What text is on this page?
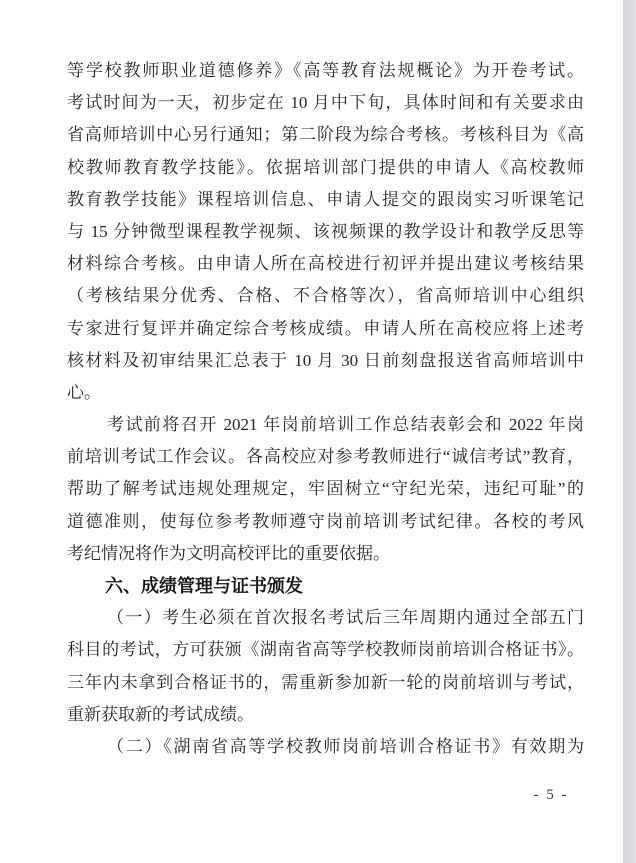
等学校教师职业道德修养》《高等教育法规概论》为开卷考试。
考试时间为一天，初步定在 10 月中下旬，具体时间和有关要求由
省高师培训中心另行通知；第二阶段为综合考核。考核科目为《高
校教师教育教学技能》。依据培训部门提供的申请人《高校教师
教育教学技能》课程培训信息、申请人提交的跟岗实习听课笔记
与 15 分钟微型课程教学视频、该视频课的教学设计和教学反思等
材料综合考核。由申请人所在高校进行初评并提出建议考核结果
（考核结果分优秀、合格、不合格等次），省高师培训中心组织
专家进行复评并确定综合考核成绩。申请人所在高校应将上述考
核材料及初审结果汇总表于 10 月 30 日前刻盘报送省高师培训中
心。
考试前将召开 2021 年岗前培训工作总结表彰会和 2022 年岗
前培训考试工作会议。各高校应对参考教师进行“诚信考试”教育，
帮助了解考试违规处理规定，牢固树立“守纪光荣，违纪可耻”的
道德准则，使每位参考教师遵守岗前培训考试纪律。各校的考风
考纪情况将作为文明高校评比的重要依据。
六、成绩管理与证书颁发
（一）考生必须在首次报名考试后三年周期内通过全部五门
科目的考试，方可获颁《湖南省高等学校教师岗前培训合格证书》。
三年内未拿到合格证书的，需重新参加新一轮的岗前培训与考试，
重新获取新的考试成绩。
（二）《湖南省高等学校教师岗前培训合格证书》有效期为
- 5 -
